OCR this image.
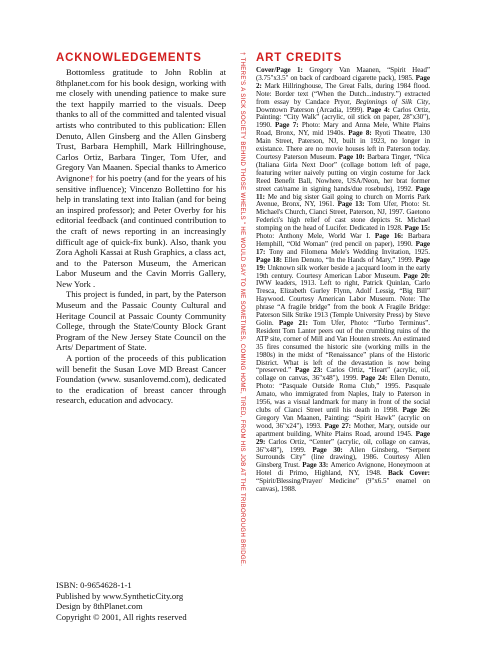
ACKNOWLEDGEMENTS

Bottomless gratitude to John Roblin at 8thplanet.com for his book design, working with me closely with unending patience to make sure the text happily married to the visuals. Deep thanks to all of the committed and talented visual artists who contributed to this publication: Ellen Denuto, Allen Ginsberg and the Allen Ginsberg Trust, Barbara Hemphill, Mark Hillringhouse, Carlos Ortiz, Barbara Tinger, Tom Ufer, and Gregory Van Maanen. Special thanks to Americo Avignone† for his poetry (and for the years of his sensitive influence); Vincenzo Bollettino for his help in translating text into Italian (and for being an inspired professor); and Peter Overby for his editorial feedback (and continued contribution to the craft of news reporting in an increasingly difficult age of quick-fix bunk). Also, thank you Zora Agholi Kassai at Rush Graphics, a class act, and to the Paterson Museum, the American Labor Museum and the Cavin Morris Gallery, New York .

This project is funded, in part, by the Paterson Museum and the Passaic County Cultural and Heritage Council at Passaic County Community College, through the State/County Block Grant Program of the New Jersey State Council on the Arts/ Department of State.

A portion of the proceeds of this publication will benefit the Susan Love MD Breast Cancer Foundation (www. susanlovemd.com), dedicated to the eradication of breast cancer through research, education and advocacy.

ISBN: 0-9654628-1-1
Published by www.SyntheticCity.org
Design by 8thPlanet.com
Copyright © 2001, All rights reserved
† THERE'S A SICK SOCIETY BEHIND THOSE WHEELS " HE WOULD SAY TO ME SOMETIMES, COMING HOME, TIRED, FROM HIS JOB AT THE TRIBOROUGH BRIDGE. ART CREDITS
Cover/Page 1: Gregory Van Maanen, “Spirit Head” (3.75"x3.5" on back of cardboard cigarette pack), 1985. Page 2: Mark Hillringhouse, The Great Falls, during 1984 flood. Note: Border text (“When the Dutch...industry.”) extracted from essay by Candace Pryor, Beginnings of Silk City, Downtown Paterson (Arcadia, 1999). Page 4: Carlos Ortiz, Painting: “City Walk” (acrylic, oil stick on paper, 28"x30"), 1990. Page 7: Photo: Mary and Anna Mele, White Plains Road, Bronx, NY, mid 1940s. Page 8: Ryoti Theatre, 130 Main Street, Paterson, NJ, built in 1923, no longer in existance. There are no movie houses left in Paterson today. Courtesy Paterson Museum. Page 10: Barbara Tinger, “Nica (Italiana Girla Next Door” (collage bottom left of page, featuring writer naively putting on virgin costume for Jack Reed Benefit Ball, Nowhere, USA/Neon, her brat former street cat/name in signing hands/due rosebuds), 1992. Page 11: Me and big sister Gail going to church on Morris Park Avenue, Bronx, NY, 1961. Page 13: Tom Ufer, Photo: St. Michael's Church, Cianci Street, Paterson, NJ, 1997. Gaetono Federici's high relief of cast stone depicts St. Michael stomping on the head of Lucifer. Dedicated in 1928. Page 15: Photo: Anthony Mele, World War I. Page 16: Barbara Hemphill, “Old Woman” (red pencil on paper), 1990. Page 17: Tony and Filomena Mele's Wedding Invitation, 1925. Page 18: Ellen Denuto, “In the Hands of Mary,” 1999. Page 19: Unknown silk worker beside a jacquard loom in the early 19th century. Courtesy American Labor Museum. Page 20: IWW leaders, 1913. Left to right, Patrick Quinlan, Carlo Tresca, Elizabeth Gurley Flynn, Adolf Lessig, “Big Bill” Haywood. Courtesy American Labor Museum. Note: The phrase “A fragile bridge” from the book A Fragile Bridge: Paterson Silk Strike 1913 (Temple University Press) by Steve Golin. Page 21: Tom Ufer, Photo: “Turbo Terminus”. Resident Tom Lanter peers out of the crumbling ruins of the ATP site, corner of Mill and Van Houten streets. An estimated 35 fires consumed the historic site (working mills in the 1980s) in the midst of “Renaissance” plans of the Historic District. What is left of the devastation is now being “preserved.” Page 23: Carlos Ortiz, “Heart” (acrylic, oil, collage on canvas, 36"x48"), 1999. Page 24: Ellen Denuto, Photo: “Pasquale Outside Roma Club,” 1995. Pasquale Amato, who immigrated from Naples, Italy to Paterson in 1956, was a visual landmark for many in front of the social clubs of Cianci Street until his death in 1998. Page 26: Gregory Van Maanen, Painting: “Spirit Hawk” (acrylic on wood, 36"x24"), 1993. Page 27: Mother, Mary, outside our apartment building, White Plains Road, around 1945. Page 29: Carlos Ortiz, “Center” (acrylic, oil, collage on canvas, 36"x48"), 1999. Page 30: Allen Ginsberg, “Serpent Surrounds City” (line drawing), 1986. Courtesy Allen Ginsberg Trust. Page 33: Americo Avignone, Honeymoon at Hotel di Primo, Highland, NY, 1948. Back Cover: “Spirit/Blessing/Prayer/ Medicine” (9"x6.5" enamel on canvas), 1988.
